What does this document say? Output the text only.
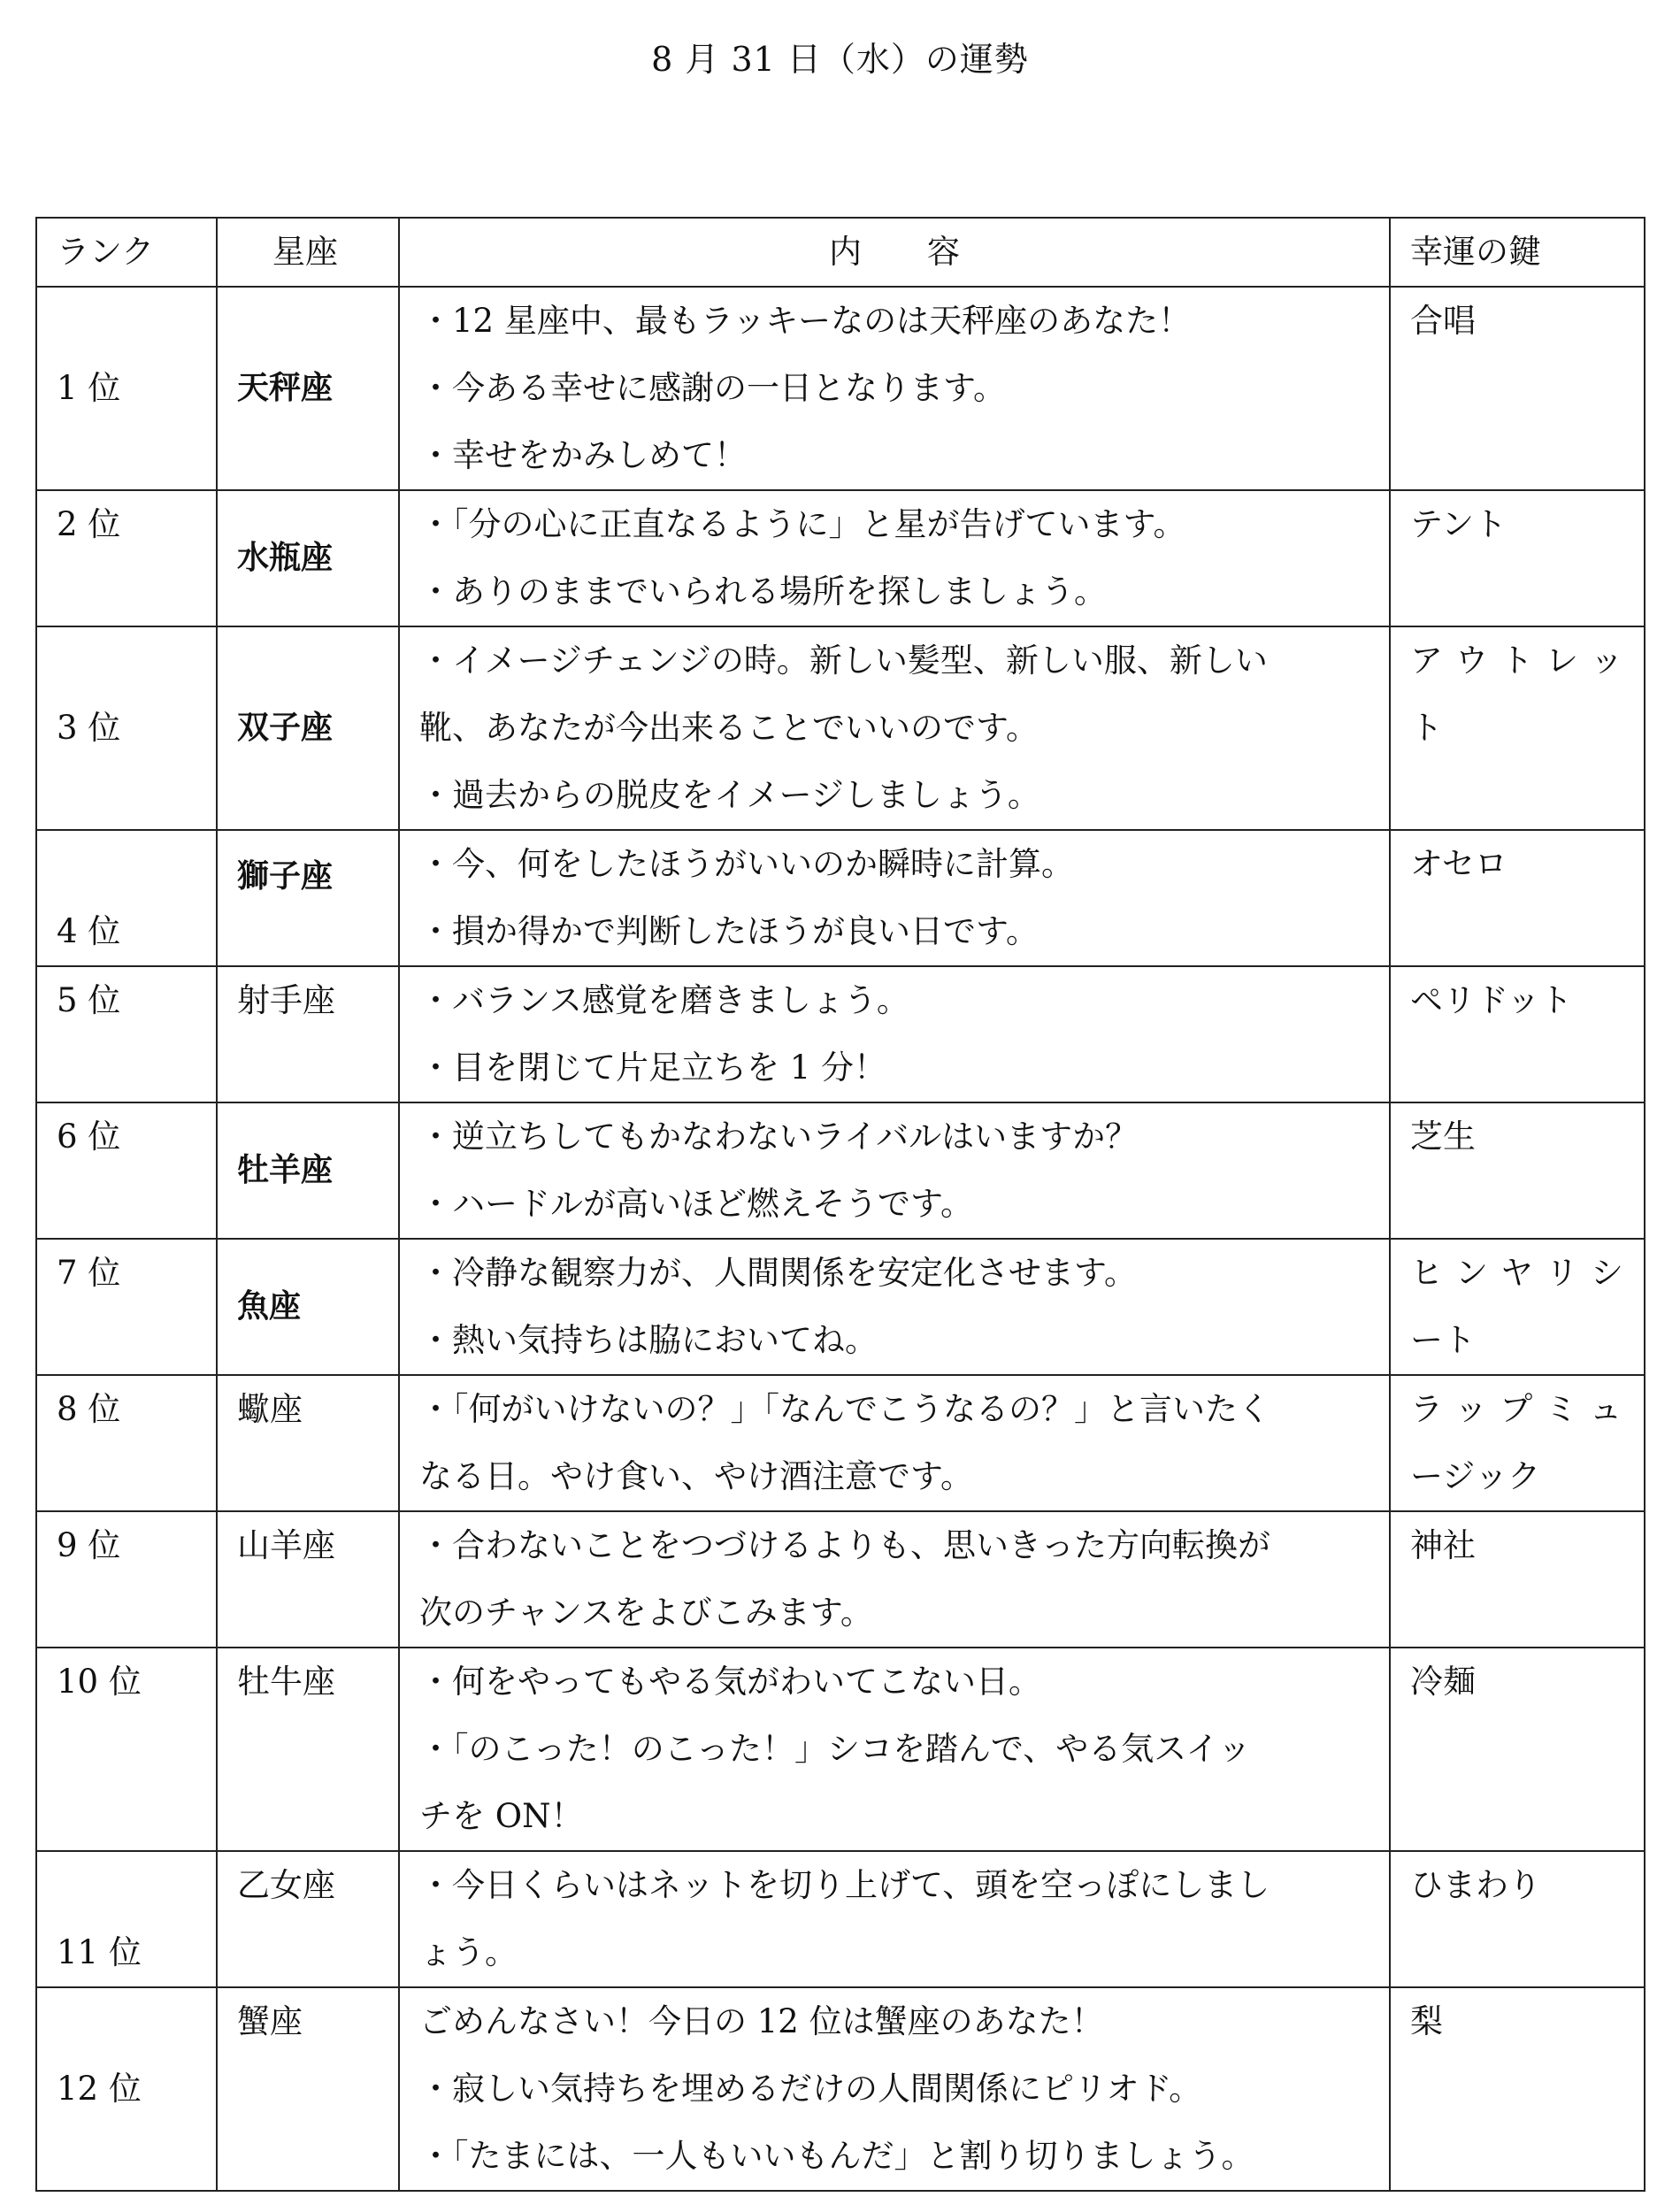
8 月 31 日（水）の運勢
ランク	星座	内　　容	幸運の鍵

1 位	天秤座	・12 星座中、最もラッキーなのは天秤座のあなた！
・今ある幸せに感謝の一日となります。
・幸せをかみしめて！	合唱

2 位	水瓶座	・「分の心に正直なるように」と星が告げています。
・ありのままでいられる場所を探しましょう。	テント

3 位	双子座	・イメージチェンジの時。新しい髪型、新しい服、新しい
靴、あなたが今出来ることでいいのです。
・過去からの脱皮をイメージしましょう。	アウトレッ
ト

4 位	獅子座	・今、何をしたほうがいいのか瞬時に計算。
・損か得かで判断したほうが良い日です。	オセロ

5 位	射手座	・バランス感覚を磨きましょう。
・目を閉じて片足立ちを 1 分！	ペリドット

6 位	牡羊座	・逆立ちしてもかなわないライバルはいますか？
・ハードルが高いほど燃えそうです。	芝生

7 位	魚座	・冷静な観察力が、人間関係を安定化させます。
・熱い気持ちは脇においてね。	ヒンヤリシ
ート

8 位	蠍座	・「何がいけないの？」「なんでこうなるの？」と言いたく
なる日。やけ食い、やけ酒注意です。	ラップミュ
ージック

9 位	山羊座	・合わないことをつづけるよりも、思いきった方向転換が
次のチャンスをよびこみます。	神社

10 位	牡牛座	・何をやってもやる気がわいてこない日。
・「のこった！のこった！」シコを踏んで、やる気スイッ
チを ON！	冷麺

11 位	乙女座	・今日くらいはネットを切り上げて、頭を空っぽにしまし
ょう。	ひまわり

12 位	蟹座	ごめんなさい！今日の 12 位は蟹座のあなた！
・寂しい気持ちを埋めるだけの人間関係にピリオド。
・「たまには、一人もいいもんだ」と割り切りましょう。	梨
